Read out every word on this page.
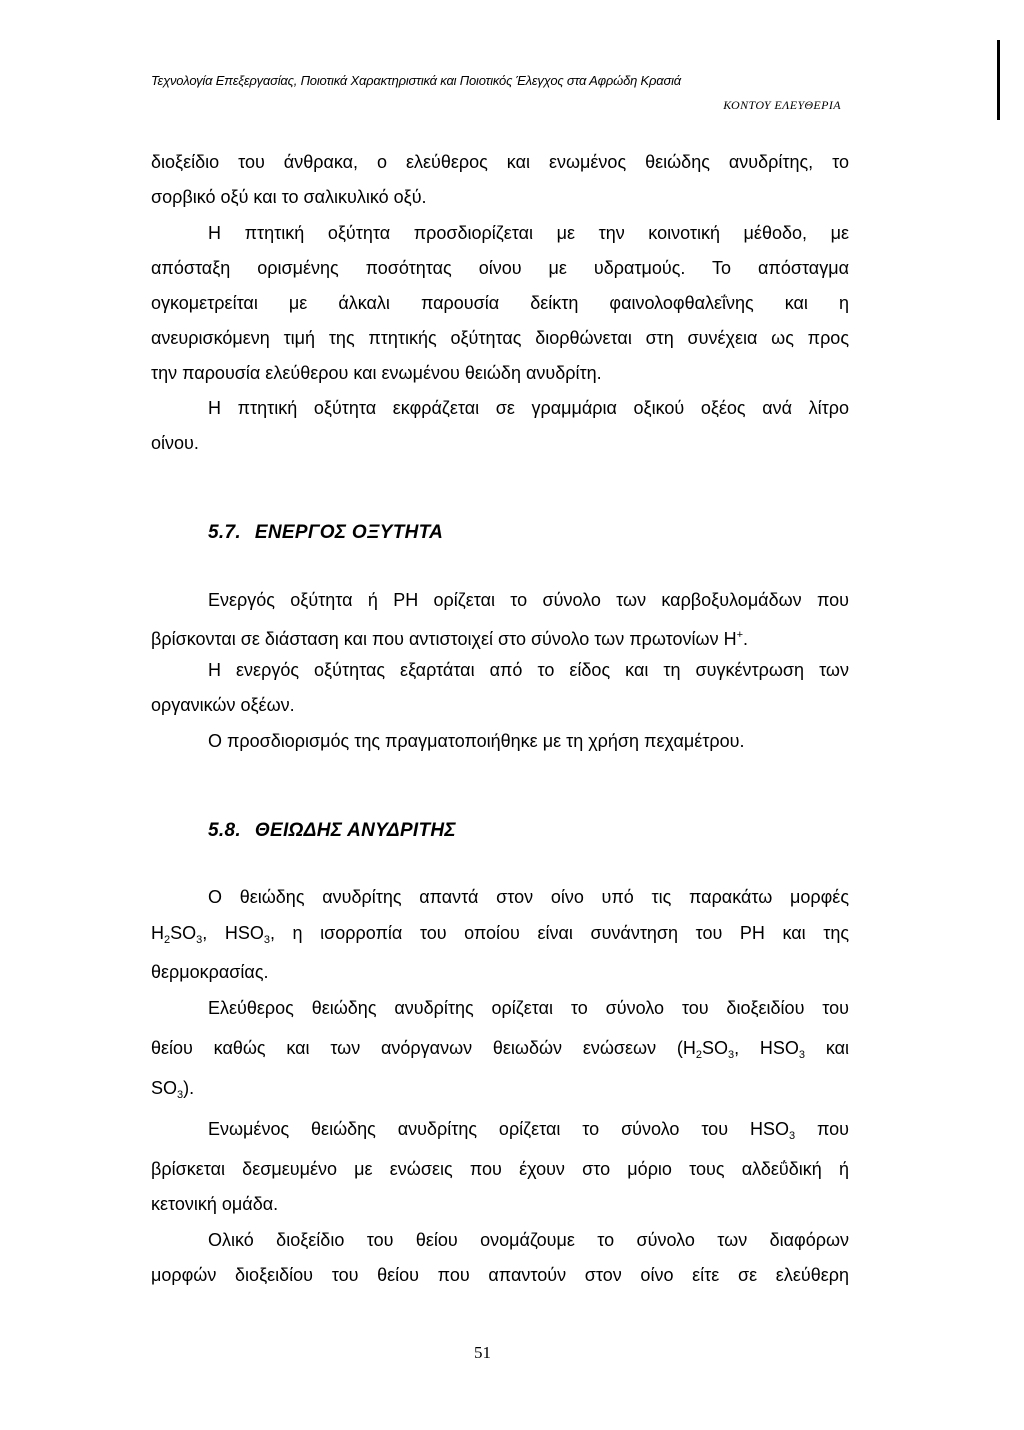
Τεχνολογία Επεξεργασίας, Ποιοτικά Χαρακτηριστικά και Ποιοτικός Έλεγχος στα Αφρώδη Κρασιά
ΚΟΝΤΟΥ ΕΛΕΥΘΕΡΙΑ
διοξείδιο του άνθρακα, ο ελεύθερος και ενωμένος θειώδης ανυδρίτης, το
σορβικό οξύ και το σαλικυλικό οξύ.
Η πτητική οξύτητα προσδιορίζεται με την κοινοτική μέθοδο, με
απόσταξη ορισμένης ποσότητας οίνου με υδρατμούς. Το απόσταγμα
ογκομετρείται με άλκαλι παρουσία δείκτη φαινολοφθαλεΐνης και η
ανευρισκόμενη τιμή της πτητικής οξύτητας διορθώνεται στη συνέχεια ως προς
την παρουσία ελεύθερου και ενωμένου θειώδη ανυδρίτη.
Η πτητική οξύτητα εκφράζεται σε γραμμάρια οξικού οξέος ανά λίτρο
οίνου.
5.7. ΕΝΕΡΓΟΣ ΟΞΥΤΗΤΑ
Ενεργός οξύτητα ή PH ορίζεται το σύνολο των καρβοξυλομάδων που
βρίσκονται σε διάσταση και που αντιστοιχεί στο σύνολο των πρωτονίων Η+.
Η ενεργός οξύτητας εξαρτάται από το είδος και τη συγκέντρωση των
οργανικών οξέων.
Ο προσδιορισμός της πραγματοποιήθηκε με τη χρήση πεχαμέτρου.
5.8. ΘΕΙΩΔΗΣ ΑΝΥΔΡΙΤΗΣ
Ο θειώδης ανυδρίτης απαντά στον οίνο υπό τις παρακάτω μορφές
$H_2SO_3$, $HSO_3$, η ισορροπία του οποίου είναι συνάντηση του PH και της
θερμοκρασίας.
Ελεύθερος θειώδης ανυδρίτης ορίζεται το σύνολο του διοξειδίου του
θείου καθώς και των ανόργανων θειωδών ενώσεων ($H_2SO_3$, $HSO_3$ και
$SO_3$).
Ενωμένος θειώδης ανυδρίτης ορίζεται το σύνολο του $HSO_3$ που
βρίσκεται δεσμευμένο με ενώσεις που έχουν στο μόριο τους αλδεΰδική ή
κετονική ομάδα.
Ολικό διοξείδιο του θείου ονομάζουμε το σύνολο των διαφόρων
μορφών διοξειδίου του θείου που απαντούν στον οίνο είτε σε ελεύθερη
51
